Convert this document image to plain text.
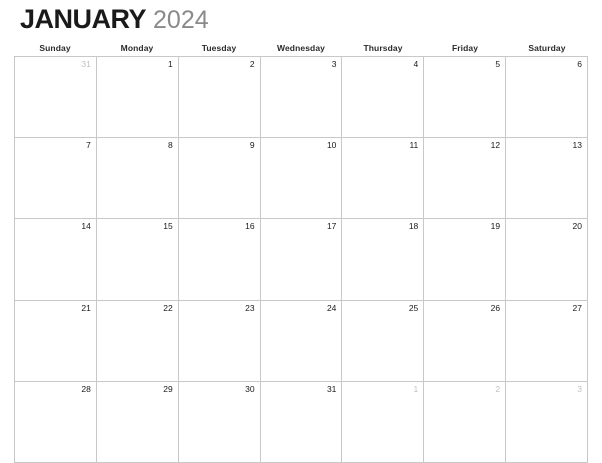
JANUARY 2024
Sunday	Monday	Tuesday	Wednesday	Thursday	Friday	Saturday
31	1	2	3	4	5	6
7	8	9	10	11	12	13
14	15	16	17	18	19	20
21	22	23	24	25	26	27
28	29	30	31	1	2	3
